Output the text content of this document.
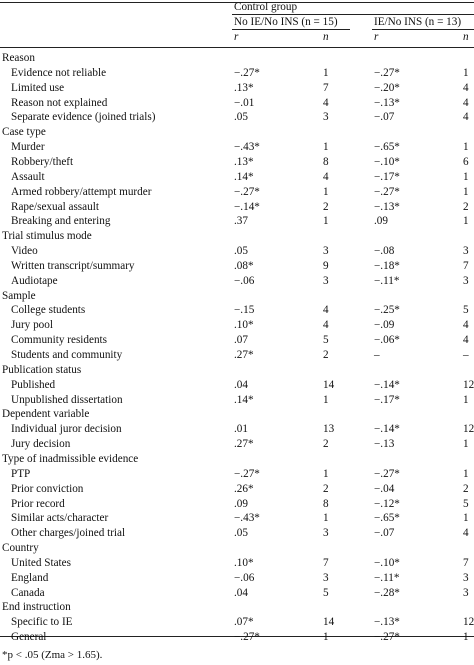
Control group
No IE/No INS (n = 15)	IE/No INS (n = 13)
r	n	r	n
Reason
Evidence not reliable	−.27*	1	−.27*	1
Limited use	.13*	7	−.20*	4
Reason not explained	−.01	4	−.13*	4
Separate evidence (joined trials)	.05	3	−.07	4
Case type
Murder	−.43*	1	−.65*	1
Robbery/theft	.13*	8	−.10*	6
Assault	.14*	4	−.17*	1
Armed robbery/attempt murder	−.27*	1	−.27*	1
Rape/sexual assault	−.14*	2	−.13*	2
Breaking and entering	.37	1	.09	1
Trial stimulus mode
Video	.05	3	−.08	3
Written transcript/summary	.08*	9	−.18*	7
Audiotape	−.06	3	−.11*	3
Sample
College students	−.15	4	−.25*	5
Jury pool	.10*	4	−.09	4
Community residents	.07	5	−.06*	4
Students and community	.27*	2	–	–
Publication status
Published	.04	14	−.14*	12
Unpublished dissertation	.14*	1	−.17*	1
Dependent variable
Individual juror decision	.01	13	−.14*	12
Jury decision	.27*	2	−.13	1
Type of inadmissible evidence
PTP	−.27*	1	−.27*	1
Prior conviction	.26*	2	−.04	2
Prior record	.09	8	−.12*	5
Similar acts/character	−.43*	1	−.65*	1
Other charges/joined trial	.05	3	−.07	4
Country
United States	.10*	7	−.10*	7
England	−.06	3	−.11*	3
Canada	.04	5	−.28*	3
End instruction
Specific to IE	.07*	14	−.13*	12
General	−.27*	1	−.27*	1
*p < .05 (Zma > 1.65).
